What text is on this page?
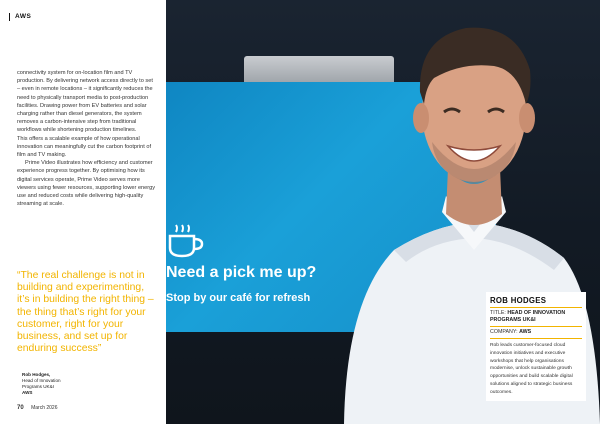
AWS

connectivity system for on-location film and TV production. By delivering network access directly to set – even in remote locations – it significantly reduces the need to physically transport media to post-production facilities. Drawing power from EV batteries and solar charging rather than diesel generators, the system removes a carbon-intensive step from traditional workflows while shortening production timelines.

This offers a scalable example of how operational innovation can meaningfully cut the carbon footprint of film and TV making.

Prime Video illustrates how efficiency and customer experience progress together. By optimising how its digital services operate, Prime Video serves more viewers using fewer resources, supporting lower energy use and reduced costs while delivering high-quality streaming at scale.

“The real challenge is not in building and experimenting, it’s in building the right thing – the thing that’s right for your customer, right for your business, and set up for enduring success”
Rob Hodges,
Head of Innovation
Programs UK&I
AWS
70 March 2026
Need a pick me up?
Stop by our café for refresh	ROB HODGES
TITLE: HEAD OF INNOVATION PROGRAMS UK&I
COMPANY: AWS
Rob leads customer-focused cloud innovation initiatives and executive workshops that help organisations modernise, unlock sustainable growth opportunities and build scalable digital solutions aligned to strategic business outcomes.
